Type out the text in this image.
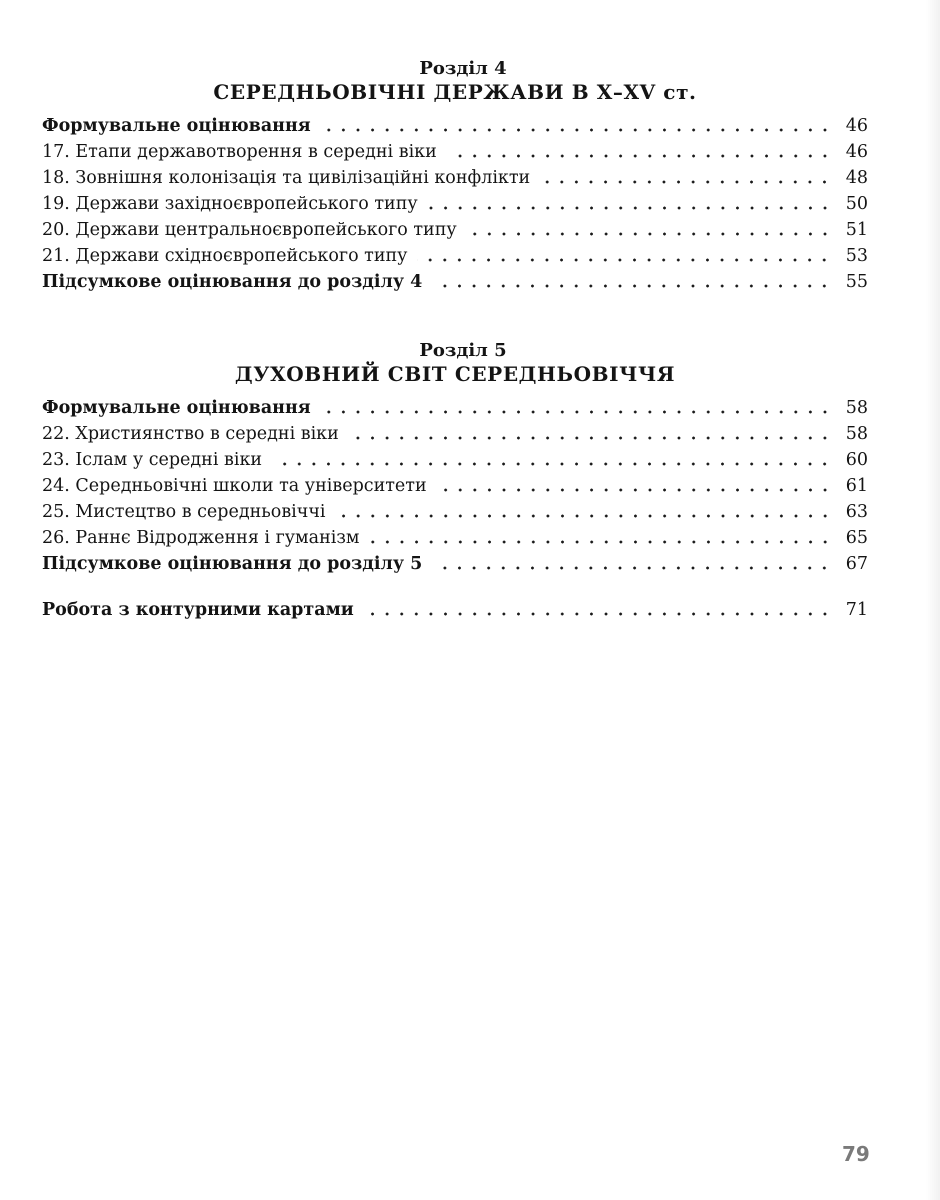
Розділ 4
СЕРЕДНЬОВІЧНІ ДЕРЖАВИ В Х–ХV ст.
Формувальне оцінювання	46
17. Етапи державотворення в середні віки	46
18. Зовнішня колонізація та цивілізаційні конфлікти	48
19. Держави західноєвропейського типу	50
20. Держави центральноєвропейського типу	51
21. Держави східноєвропейського типу	53
Підсумкове оцінювання до розділу 4	55
Розділ 5
ДУХОВНИЙ СВІТ СЕРЕДНЬОВІЧЧЯ
Формувальне оцінювання	58
22. Християнство в середні віки	58
23. Іслам у середні віки	60
24. Середньовічні школи та університети	61
25. Мистецтво в середньовіччі	63
26. Раннє Відродження і гуманізм	65
Підсумкове оцінювання до розділу 5	67
Робота з контурними картами	71
79
